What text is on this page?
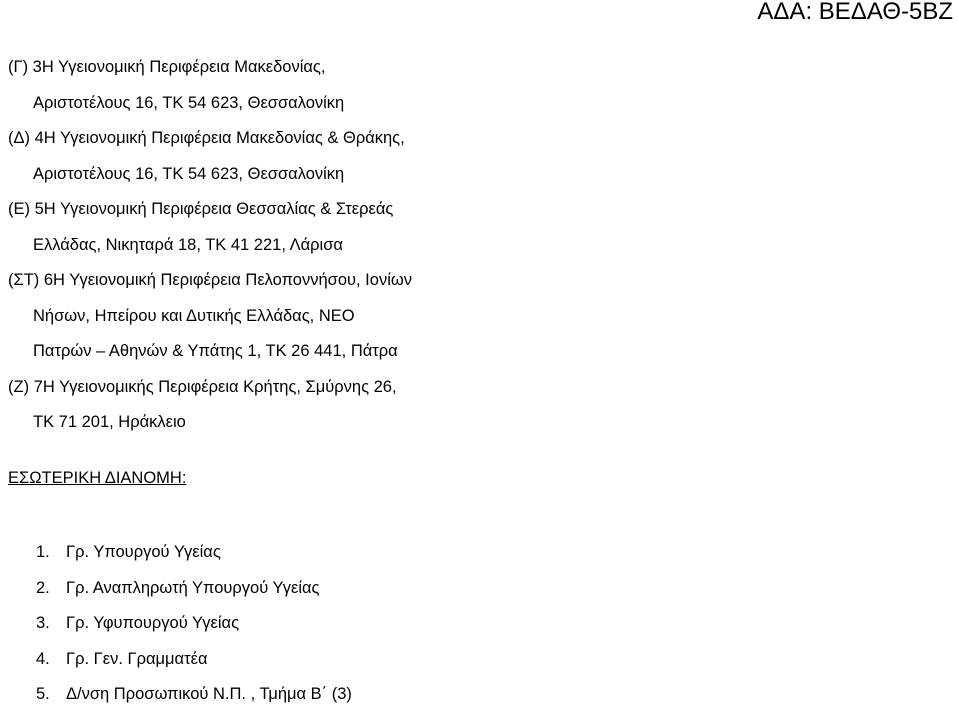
ΑΔΑ: ΒΕΔΑΘ-5ΒΖ
(Γ) 3Η Υγειονομική Περιφέρεια Μακεδονίας,
Αριστοτέλους 16, ΤΚ 54 623, Θεσσαλονίκη
(Δ) 4Η Υγειονομική Περιφέρεια Μακεδονίας & Θράκης,
Αριστοτέλους 16, ΤΚ 54 623, Θεσσαλονίκη
(Ε) 5Η Υγειονομική Περιφέρεια Θεσσαλίας & Στερεάς
Ελλάδας, Νικηταρά 18, ΤΚ 41 221, Λάρισα
(ΣΤ) 6Η Υγειονομική Περιφέρεια Πελοποννήσου, Ιονίων
Νήσων, Ηπείρου και Δυτικής Ελλάδας, ΝΕΟ
Πατρών – Αθηνών & Υπάτης 1, ΤΚ 26 441, Πάτρα
(Ζ) 7Η Υγειονομικής Περιφέρεια Κρήτης, Σμύρνης 26,
ΤΚ 71 201, Ηράκλειο
ΕΣΩΤΕΡΙΚΗ ΔΙΑΝΟΜΗ:
1. Γρ. Υπουργού Υγείας
2. Γρ. Αναπληρωτή Υπουργού Υγείας
3. Γρ. Υφυπουργού Υγείας
4. Γρ. Γεν. Γραμματέα
5. Δ/νση Προσωπικού Ν.Π. , Τμήμα Β΄ (3)
